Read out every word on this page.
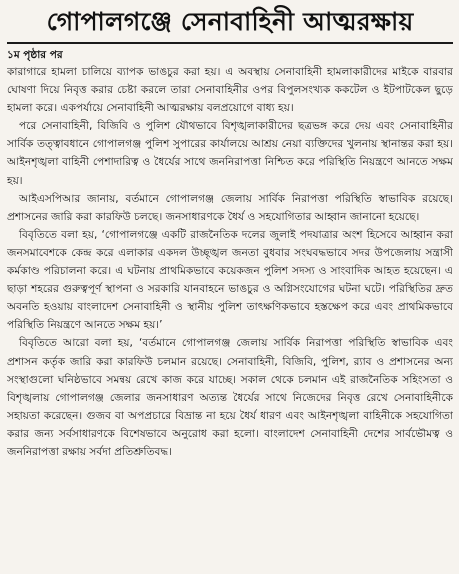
গোপালগঞ্জে সেনাবাহিনী আত্মরক্ষায়
১ম পৃষ্ঠার পর

কারাগারে হামলা চালিয়ে ব্যাপক ভাঙচুর করা হয়। এ অবস্থায় সেনাবাহিনী হামলাকারীদের মাইকে বারবার ঘোষণা দিয়ে নিবৃত্ত করার চেষ্টা করলে তারা সেনাবাহিনীর ওপর বিপুলসংখ্যক ককটেল ও ইটপাটকেল ছুড়ে হামলা করে। একপর্যায়ে সেনাবাহিনী আত্মরক্ষায় বলপ্রয়োগে বাধ্য হয়।

পরে সেনাবাহিনী, বিজিবি ও পুলিশ যৌথভাবে বিশৃঙ্খলাকারীদের ছত্রভঙ্গ করে দেয় এবং সেনাবাহিনীর সার্বিক তত্ত্বাবধানে গোপালগঞ্জ পুলিশ সুপারের কার্যালয়ে আশ্রয় নেয়া ব্যক্তিদের খুলনায় স্থানান্তর করা হয়। আইনশৃঙ্খলা বাহিনী পেশাদারিত্ব ও ধৈর্যের সাথে জননিরাপত্তা নিশ্চিত করে পরিস্থিতি নিয়ন্ত্রণে আনতে সক্ষম হয়।

আইএসপিআর জানায়, বর্তমানে গোপালগঞ্জ জেলায় সার্বিক নিরাপত্তা পরিস্থিতি স্বাভাবিক রয়েছে। প্রশাসনের জারি করা কারফিউ চলছে। জনসাধারণকে ধৈর্য ও সহযোগিতার আহ্বান জানানো হয়েছে।

বিবৃতিতে বলা হয়, ‘গোপালগঞ্জে একটি রাজনৈতিক দলের জুলাই পদযাত্রার অংশ হিসেবে আহ্বান করা জনসমাবেশকে কেন্দ্র করে এলাকার একদল উচ্ছৃঙ্খল জনতা বুধবার সংঘবদ্ধভাবে সদর উপজেলায় সন্ত্রাসী কর্মকাণ্ড পরিচালনা করে। এ ঘটনায় প্রাথমিকভাবে কয়েকজন পুলিশ সদস্য ও সাংবাদিক আহত হয়েছেন। এ ছাড়া শহরের গুরুত্বপূর্ণ স্থাপনা ও সরকারি যানবাহনে ভাঙচুর ও অগ্নিসংযোগের ঘটনা ঘটে। পরিস্থিতির দ্রুত অবনতি হওয়ায় বাংলাদেশ সেনাবাহিনী ও স্থানীয় পুলিশ তাৎক্ষণিকভাবে হস্তক্ষেপ করে এবং প্রাথমিকভাবে পরিস্থিতি নিয়ন্ত্রণে আনতে সক্ষম হয়।’

বিবৃতিতে আরো বলা হয়, ‘বর্তমানে গোপালগঞ্জ জেলায় সার্বিক নিরাপত্তা পরিস্থিতি স্বাভাবিক এবং প্রশাসন কর্তৃক জারি করা কারফিউ চলমান রয়েছে। সেনাবাহিনী, বিজিবি, পুলিশ, র‌্যাব ও প্রশাসনের অন্য সংস্থাগুলো ঘনিষ্ঠভাবে সমন্বয় রেখে কাজ করে যাচ্ছে। সকাল থেকে চলমান এই রাজনৈতিক সহিংসতা ও বিশৃঙ্খলায় গোপালগঞ্জ জেলার জনসাধারণ অত্যন্ত ধৈর্যের সাথে নিজেদের নিবৃত্ত রেখে সেনাবাহিনীকে সহায়তা করেছেন। গুজব বা অপপ্রচারে বিভ্রান্ত না হয়ে ধৈর্য ধারণ এবং আইনশৃঙ্খলা বাহিনীকে সহযোগিতা করার জন্য সর্বসাধারণকে বিশেষভাবে অনুরোধ করা হলো। বাংলাদেশ সেনাবাহিনী দেশের সার্বভৌমত্ব ও জননিরাপত্তা রক্ষায় সর্বদা প্রতিশ্রুতিবদ্ধ।
